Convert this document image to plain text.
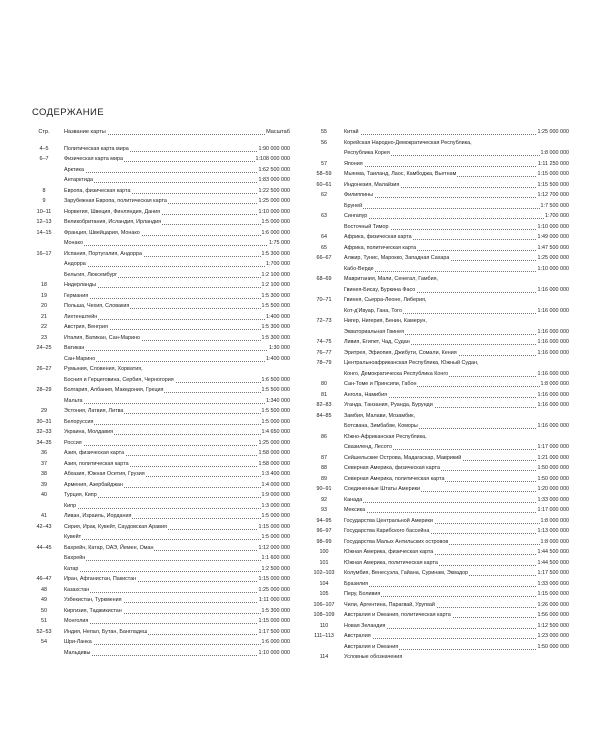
СОДЕРЖАНИЕ
Стр.	Название карты	Масштаб
4–5	Политическая карта мира	1:90 000 000
6–7	Физическая карта мира	1:108 000 000
Арктика	1:62 500 000
Антарктида	1:83 000 000
8	Европа, физическая карта	1:22 500 000
9	Зарубежная Европа, политическая карта	1:25 000 000
10–11	Норвегия, Швеция, Финляндия, Дания	1:10 000 000
12–13	Великобритания, Исландия, Ирландия	1:5 000 000
14–15	Франция, Швейцария, Монако	1:6 000 000
Монако	1:75 000
16–17	Испания, Португалия, Андорра	1:5 300 000
Андорра	1:700 000
Бельгия, Люксембург	1:2 100 000
18	Нидерланды	1:2 100 000
19	Германия	1:5 300 000
20	Польша, Чехия, Словакия	1:5 500 000
21	Лихтенштейн	1:400 000
22	Австрия, Венгрия	1:5 300 000
23	Италия, Ватикан, Сан-Марино	1:5 300 000
24–25	Ватикан	1:30 000
Сан-Марино	1:400 000
26–27	Румыния, Словения, Хорватия,
Босния и Герцеговина, Сербия, Черногория	1:6 500 000
28–29	Болгария, Албания, Македония, Греция	1:5 500 000
Мальта	1:340 000
29	Эстония, Латвия, Литва	1:5 500 000
30–31	Белоруссия	1:5 000 000
32–33	Украина, Молдавия	1:4 650 000
34–35	Россия	1:25 000 000
36	Азия, физическая карта	1:58 000 000
37	Азия, политическая карта	1:58 000 000
38	Абхазия, Южная Осетия, Грузия	1:3 400 000
39	Армения, Азербайджан	1:4 000 000
40	Турция, Кипр	1:9 000 000
Кипр	1:3 000 000
41	Ливан, Израиль, Иордания	1:5 000 000
42–43	Сирия, Ирак, Кувейт, Саудовская Аравия	1:15 000 000
Кувейт	1:5 000 000
44–45	Бахрейн, Катар, ОАЭ, Йемен, Оман	1:12 000 000
Бахрейн	1:1 600 000
Катар	1:2 500 000
46–47	Иран, Афганистан, Пакистан	1:15 000 000
48	Казахстан	1:25 000 000
49	Узбекистан, Туркмения	1:11 000 000
50	Киргизия, Таджикистан	1:5 300 000
51	Монголия	1:15 000 000
52–53	Индия, Непал, Бутан, Бангладеш	1:17 500 000
54	Шри-Ланка	1:6 000 000
Мальдивы	1:10 000 000
55	Китай	1:25 000 000
56	Корейская Народно-Демократическая Республика,
Республика Корея	1:8 000 000
57	Япония	1:11 250 000
58–59	Мьянма, Таиланд, Лаос, Камбоджа, Вьетнам	1:15 000 000
60–61	Индонезия, Малайзия	1:15 500 000
62	Филиппины	1:12 700 000
Бруней	1:7 500 000
63	Сингапур	1:700 000
Восточный Тимор	1:10 000 000
64	Африка, физическая карта	1:49 000 000
65	Африка, политическая карта	1:47 500 000
66–67	Алжир, Тунис, Марокко, Западная Сахара	1:25 000 000
Кабо-Верде	1:10 000 000
68–69	Мавритания, Мали, Сенегал, Гамбия,
Гвинея-Бисау, Буркина Фасо	1:16 000 000
70–71	Гвинея, Сьерра-Леоне, Либерия,
Кот-д'Ивуар, Гана, Того	1:16 000 000
72–73	Нигер, Нигерия, Бенин, Камерун,
Экваториальная Гвинея	1:16 000 000
74–75	Ливия, Египет, Чад, Судан	1:16 000 000
76–77	Эритрея, Эфиопия, Джибути, Сомали, Кения	1:16 000 000
78–79	Центральноафриканская Республика, Южный Судан,
Конго, Демократическа Республика Конго	1:16 000 000
80	Сан-Томе и Принсипи, Габон	1:8 000 000
81	Ангола, Намибия	1:16 000 000
82–83	Уганда, Танзания, Руанда, Бурунди	1:16 000 000
84–85	Замбия, Малави, Мозамбик,
Ботсвана, Зимбабве, Коморы	1:16 000 000
86	Южно-Африканская Республика,
Свазиленд, Лесото	1:17 000 000
87	Сейшельские Острова, Мадагаскар, Маврикий	1:21 000 000
88	Северная Америка, физическая карта	1:50 000 000
89	Северная Америка, политическая карта	1:50 000 000
90–91	Соединенные Штаты Америки	1:20 000 000
92	Канада	1:33 000 000
93	Мексика	1:17 000 000
94–95	Государства Центральной Америки	1:8 000 000
96–97	Государства Карибского бассейна	1:13 000 000
98–99	Государства Малых Антильских островов	1:8 000 000
100	Южная Америка, физическая карта	1:44 500 000
101	Южная Америка, политическая карта	1:44 500 000
102–103 Колумбия, Венесуэла, Гайана, Суринам, Эквадор	1:17 500 000
104	Бразилия	1:33 000 000
105	Перу, Боливия	1:15 000 000
106–107 Чили, Аргентина, Парагвай, Уругвай	1:26 000 000
108–109 Австралия и Океания, политическая карта	1:56 000 000
110	Новая Зеландия	1:12 500 000
111–113	Австралия	1:23 000 000
Австралия и Океания	1:50 000 000
114	Условные обозначения
